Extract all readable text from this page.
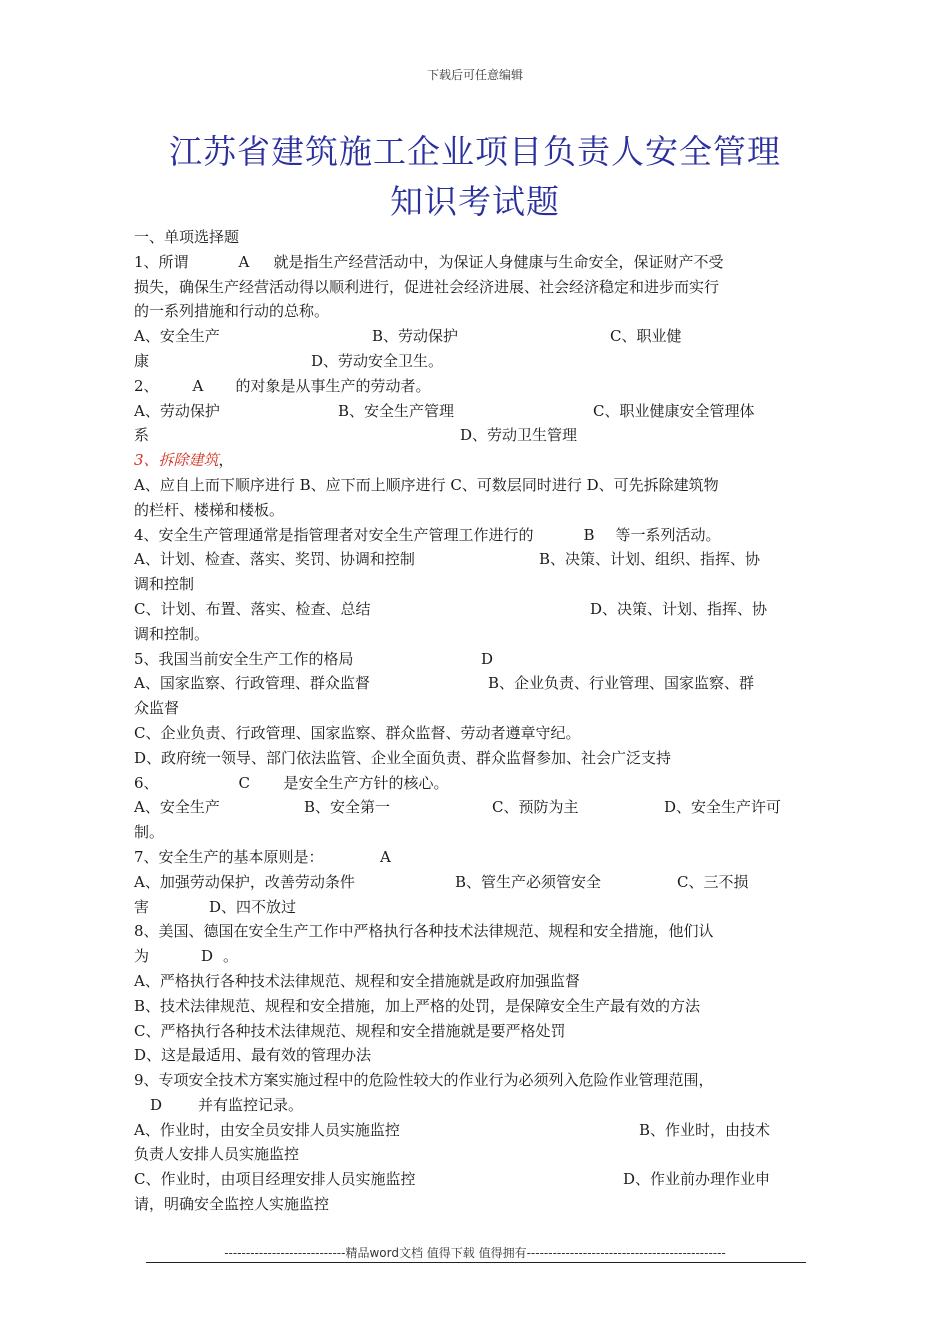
下载后可任意编辑
江苏省建筑施工企业项目负责人安全管理
知识考试题
一、单项选择题
1、所谓	A 就是指生产经营活动中，为保证人身健康与生命安全，保证财产不受
损失，确保生产经营活动得以顺利进行，促进社会经济进展、社会经济稳定和进步而实行
的一系列措施和行动的总称。
A、安全生产	B、劳动保护	C、职业健
康	D、劳动安全卫生。
2、 A 的对象是从事生产的劳动者。
A、劳动保护	B、安全生产管理	C、职业健康安全管理体
系	D、劳动卫生管理
3、拆除建筑，
A、应自上而下顺序进行 B、应下而上顺序进行 C、可数层同时进行 D、可先拆除建筑物
的栏杆、楼梯和楼板。
4、安全生产管理通常是指管理者对安全生产管理工作进行的	B 等一系列活动。
A、计划、检查、落实、奖罚、协调和控制	B、决策、计划、组织、指挥、协
调和控制
C、计划、布置、落实、检查、总结	D、决策、计划、指挥、协
调和控制。
5、我国当前安全生产工作的格局	D
A、国家监察、行政管理、群众监督	B、企业负责、行业管理、国家监察、群
众监督
C、企业负责、行政管理、国家监察、群众监督、劳动者遵章守纪。
D、政府统一领导、部门依法监管、企业全面负责、群众监督参加、社会广泛支持
6、	C 是安全生产方针的核心。
A、安全生产	B、安全第一	C、预防为主	D、安全生产许可
制。
7、安全生产的基本原则是：	A
A、加强劳动保护，改善劳动条件	B、管生产必须管安全	C、三不损
害	D、四不放过
8、美国、德国在安全生产工作中严格执行各种技术法律规范、规程和安全措施，他们认
为	D 。
A、严格执行各种技术法律规范、规程和安全措施就是政府加强监督
B、技术法律规范、规程和安全措施，加上严格的处罚，是保障安全生产最有效的方法
C、严格执行各种技术法律规范、规程和安全措施就是要严格处罚
D、这是最适用、最有效的管理办法
9、专项安全技术方案实施过程中的危险性较大的作业行为必须列入危险作业管理范围，
D 并有监控记录。
A、作业时，由安全员安排人员实施监控	B、作业时，由技术
负责人安排人员实施监控
C、作业时，由项目经理安排人员实施监控	D、作业前办理作业申
请，明确安全监控人实施监控
----------------------------精品word文档 值得下载 值得拥有----------------------------------------------
